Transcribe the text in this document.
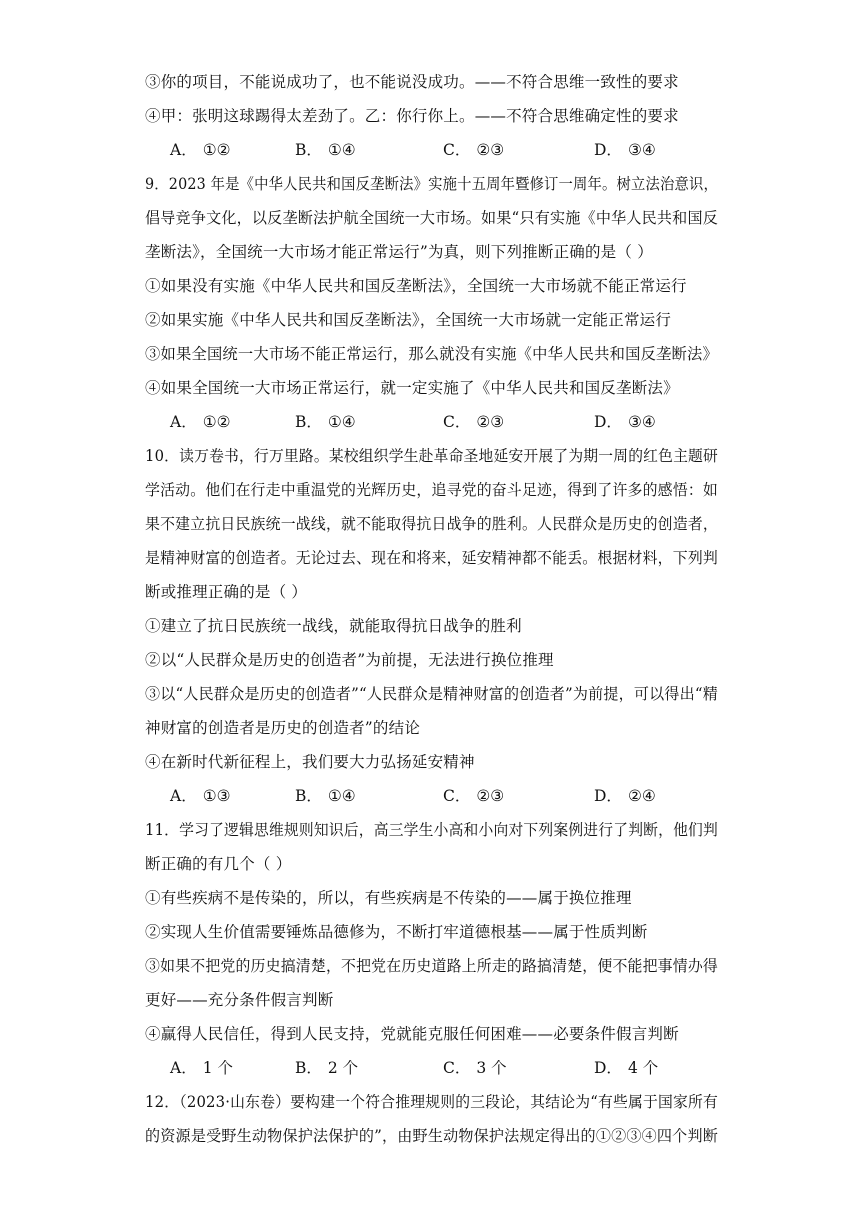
③你的项目，不能说成功了，也不能说没成功。——不符合思维一致性的要求
④甲：张明这球踢得太差劲了。乙：你行你上。——不符合思维确定性的要求
A． ①②	B． ①④	C． ②③	D． ③④
9．2023 年是《中华人民共和国反垄断法》实施十五周年暨修订一周年。树立法治意识，
倡导竞争文化，以反垄断法护航全国统一大市场。如果“只有实施《中华人民共和国反
垄断法》，全国统一大市场才能正常运行”为真，则下列推断正确的是（ ）
①如果没有实施《中华人民共和国反垄断法》，全国统一大市场就不能正常运行
②如果实施《中华人民共和国反垄断法》，全国统一大市场就一定能正常运行
③如果全国统一大市场不能正常运行，那么就没有实施《中华人民共和国反垄断法》
④如果全国统一大市场正常运行，就一定实施了《中华人民共和国反垄断法》
A． ①②	B． ①④	C． ②③	D． ③④
10．读万卷书，行万里路。某校组织学生赴革命圣地延安开展了为期一周的红色主题研
学活动。他们在行走中重温党的光辉历史，追寻党的奋斗足迹，得到了许多的感悟：如
果不建立抗日民族统一战线，就不能取得抗日战争的胜利。人民群众是历史的创造者，
是精神财富的创造者。无论过去、现在和将来，延安精神都不能丢。根据材料，下列判
断或推理正确的是（ ）
①建立了抗日民族统一战线，就能取得抗日战争的胜利
②以“人民群众是历史的创造者”为前提，无法进行换位推理
③以“人民群众是历史的创造者”“人民群众是精神财富的创造者”为前提，可以得出“精
神财富的创造者是历史的创造者”的结论
④在新时代新征程上，我们要大力弘扬延安精神
A． ①③	B． ①④	C． ②③	D． ②④
11．学习了逻辑思维规则知识后，高三学生小高和小向对下列案例进行了判断，他们判
断正确的有几个（ ）
①有些疾病不是传染的，所以，有些疾病是不传染的——属于换位推理
②实现人生价值需要锤炼品德修为，不断打牢道德根基——属于性质判断
③如果不把党的历史搞清楚，不把党在历史道路上所走的路搞清楚，便不能把事情办得
更好——充分条件假言判断
④赢得人民信任，得到人民支持，党就能克服任何困难——必要条件假言判断
A． 1 个	B． 2 个	C． 3 个	D． 4 个
12．（2023·山东卷）要构建一个符合推理规则的三段论，其结论为“有些属于国家所有
的资源是受野生动物保护法保护的”，由野生动物保护法规定得出的①②③④四个判断
